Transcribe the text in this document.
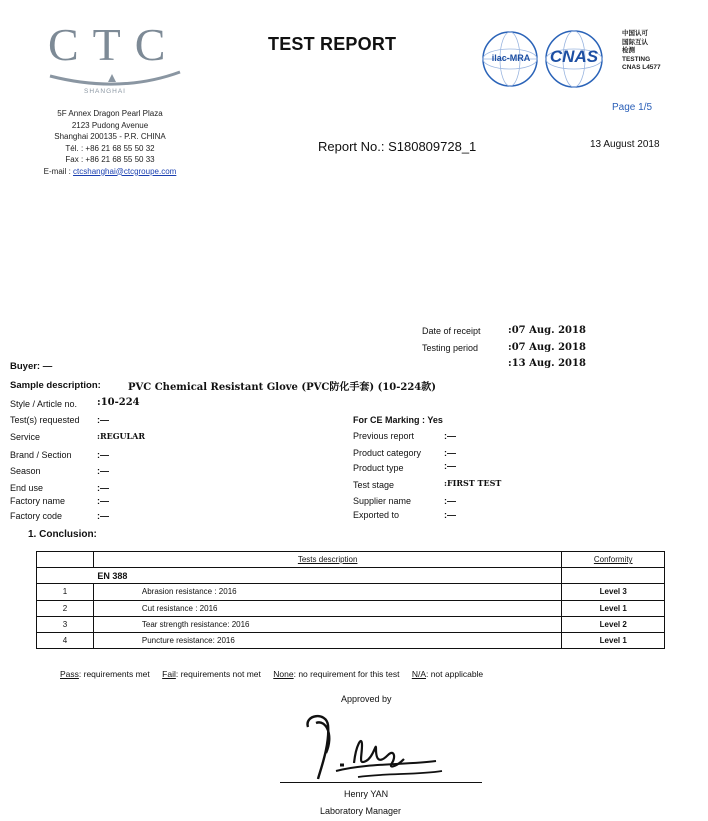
CTC
SHANGHAI
5F Annex Dragon Pearl Plaza
2123 Pudong Avenue
Shanghai 200135 - P.R. CHINA
Tél. : +86 21 68 55 50 32
Fax : +86 21 68 55 50 33
E-mail : ctcshanghai@ctcgroupe.com
TEST REPORT
ilac-MRA	CNAS
中国认可
国际互认
检测
TESTING
CNAS L4577
Page 1/5
Report No.: S180809728_1	13 August 2018
Date of receipt	:07 Aug. 2018
Testing period	:07 Aug. 2018
:13 Aug. 2018
Buyer: —
Sample description:	PVC Chemical Resistant Glove (PVC防化手套) (10-224款)
Style / Article no. :10-224
Test(s) requested :—
Service	:REGULAR
Brand / Section	:—
Season	:—
End use	:—
Factory name	:—
Factory code	:—
For CE Marking : Yes
Previous report	:—
Product category	:—
Product type	:—
Test stage	:FIRST TEST
Supplier name	:—
Exported to	:—
1. Conclusion:
	Tests description	Conformity
	EN 388	
1	Abrasion resistance : 2016	Level 3
2	Cut resistance : 2016	Level 1
3	Tear strength resistance: 2016	Level 2
4	Puncture resistance: 2016	Level 1
Pass: requirements met Fail: requirements not met None: no requirement for this test N/A: not applicable
Approved by
Henry YAN
Laboratory Manager
